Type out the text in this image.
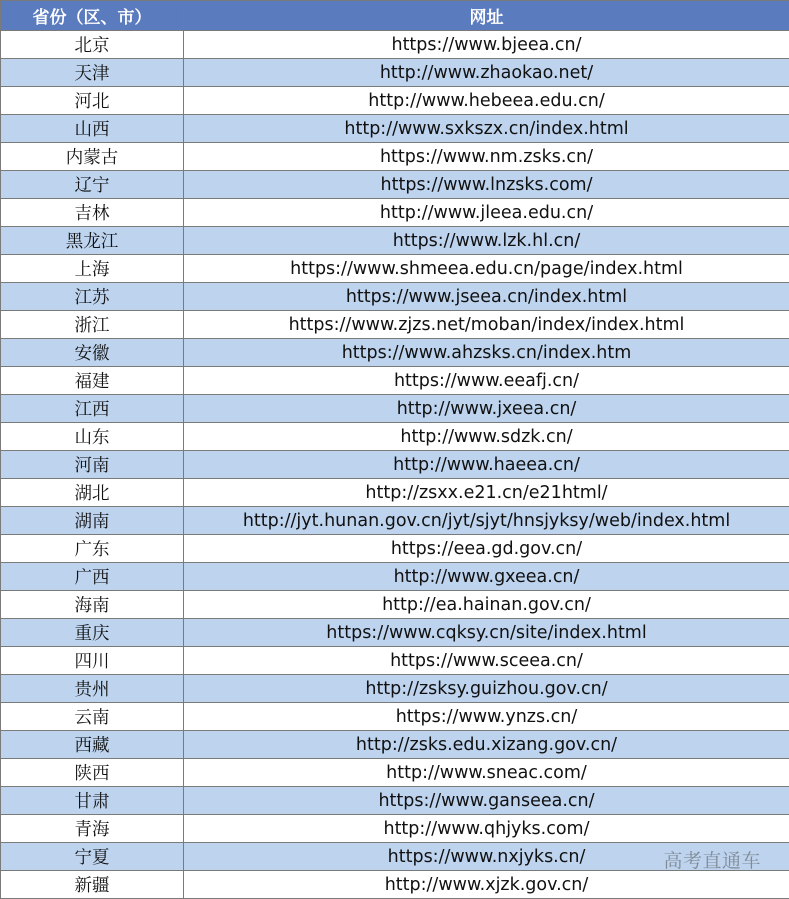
省份（区、市）	网址
北京	https://www.bjeea.cn/
天津	http://www.zhaokao.net/
河北	http://www.hebeea.edu.cn/
山西	http://www.sxkszx.cn/index.html
内蒙古	https://www.nm.zsks.cn/
辽宁	https://www.lnzsks.com/
吉林	http://www.jleea.edu.cn/
黑龙江	https://www.lzk.hl.cn/
上海	https://www.shmeea.edu.cn/page/index.html
江苏	https://www.jseea.cn/index.html
浙江	https://www.zjzs.net/moban/index/index.html
安徽	https://www.ahzsks.cn/index.htm
福建	https://www.eeafj.cn/
江西	http://www.jxeea.cn/
山东	http://www.sdzk.cn/
河南	http://www.haeea.cn/
湖北	http://zsxx.e21.cn/e21html/
湖南	http://jyt.hunan.gov.cn/jyt/sjyt/hnsjyksy/web/index.html
广东	https://eea.gd.gov.cn/
广西	http://www.gxeea.cn/
海南	http://ea.hainan.gov.cn/
重庆	https://www.cqksy.cn/site/index.html
四川	https://www.sceea.cn/
贵州	http://zsksy.guizhou.gov.cn/
云南	https://www.ynzs.cn/
西藏	http://zsks.edu.xizang.gov.cn/
陕西	http://www.sneac.com/
甘肃	https://www.ganseea.cn/
青海	http://www.qhjyks.com/
宁夏	https://www.nxjyks.cn/
新疆	http://www.xjzk.gov.cn/
高考直通车
